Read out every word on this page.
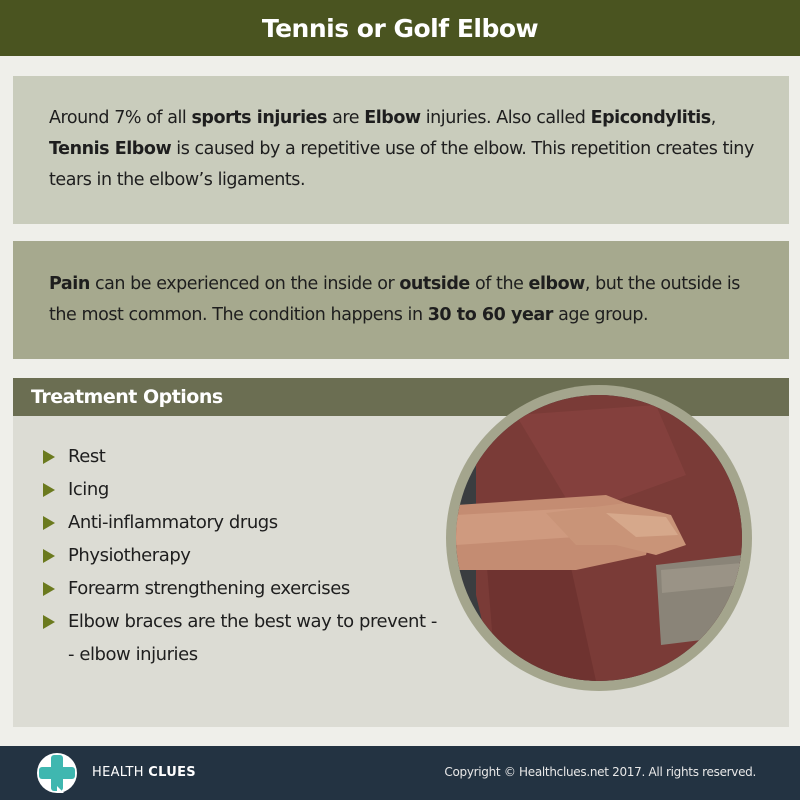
Tennis or Golf Elbow

Around 7% of all sports injuries are Elbow injuries. Also called Epicondylitis,
Tennis Elbow is caused by a repetitive use of the elbow. This repetition creates tiny tears in the elbow’s ligaments.

Pain can be experienced on the inside or outside of the elbow, but the outside is the most common. The condition happens in 30 to 60 year age group.

Treatment Options
Rest
Icing
Anti-inflammatory drugs
Physiotherapy
Forearm strengthening exercises
Elbow braces are the best way to prevent -
- elbow injuries
HEALTH CLUES	Copyright © Healthclues.net 2017. All rights reserved.
